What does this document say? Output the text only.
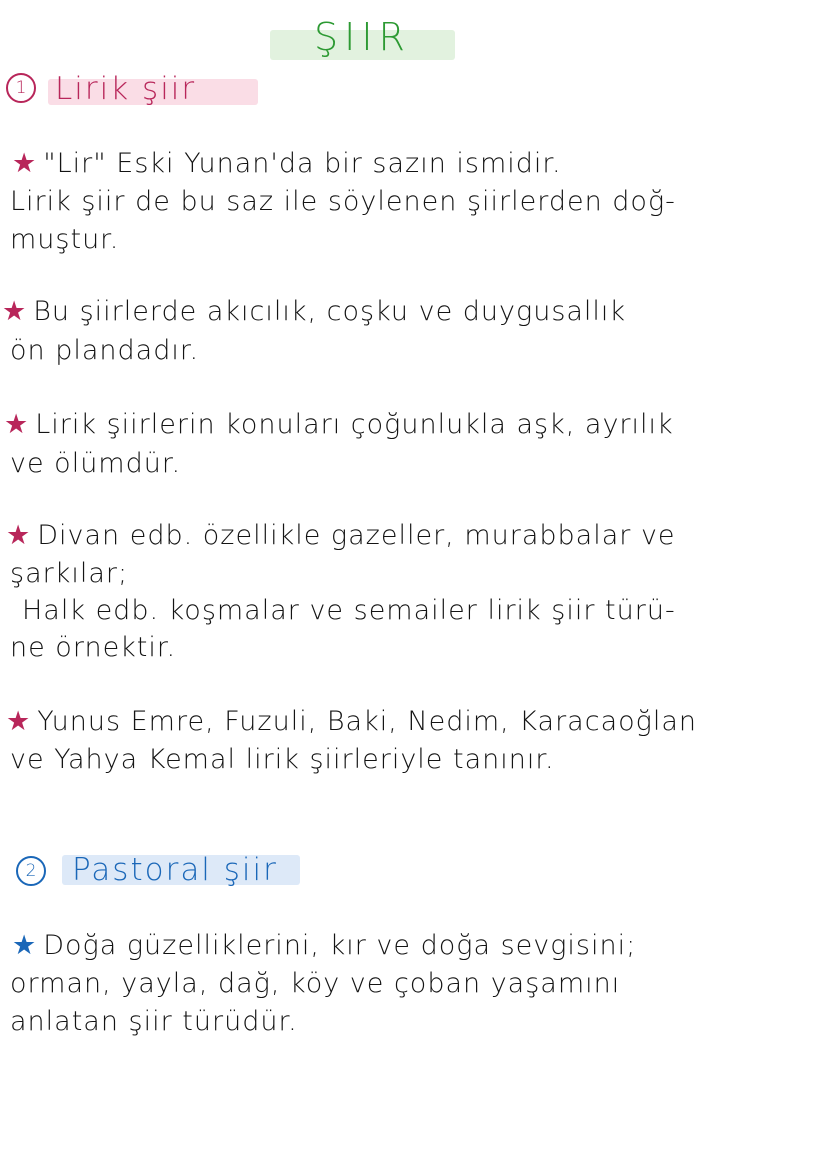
ŞIIR
1 Lirik şiir
★ "Lir" Eski Yunan'da bir sazın ismidir.
Lirik şiir de bu saz ile söylenen şiirlerden doğ-
muştur.
★ Bu şiirlerde akıcılık, coşku ve duygusallık
ön plandadır.
★ Lirik şiirlerin konuları çoğunlukla aşk, ayrılık
ve ölümdür.
★ Divan edb. özellikle gazeller, murabbalar ve
şarkılar;
Halk edb. koşmalar ve semailer lirik şiir türü-
ne örnektir.
★ Yunus Emre, Fuzuli, Baki, Nedim, Karacaoğlan
ve Yahya Kemal lirik şiirleriyle tanınır.
2	Pastoral şiir
★ Doğa güzelliklerini, kır ve doğa sevgisini;
orman, yayla, dağ, köy ve çoban yaşamını
anlatan şiir türüdür.
